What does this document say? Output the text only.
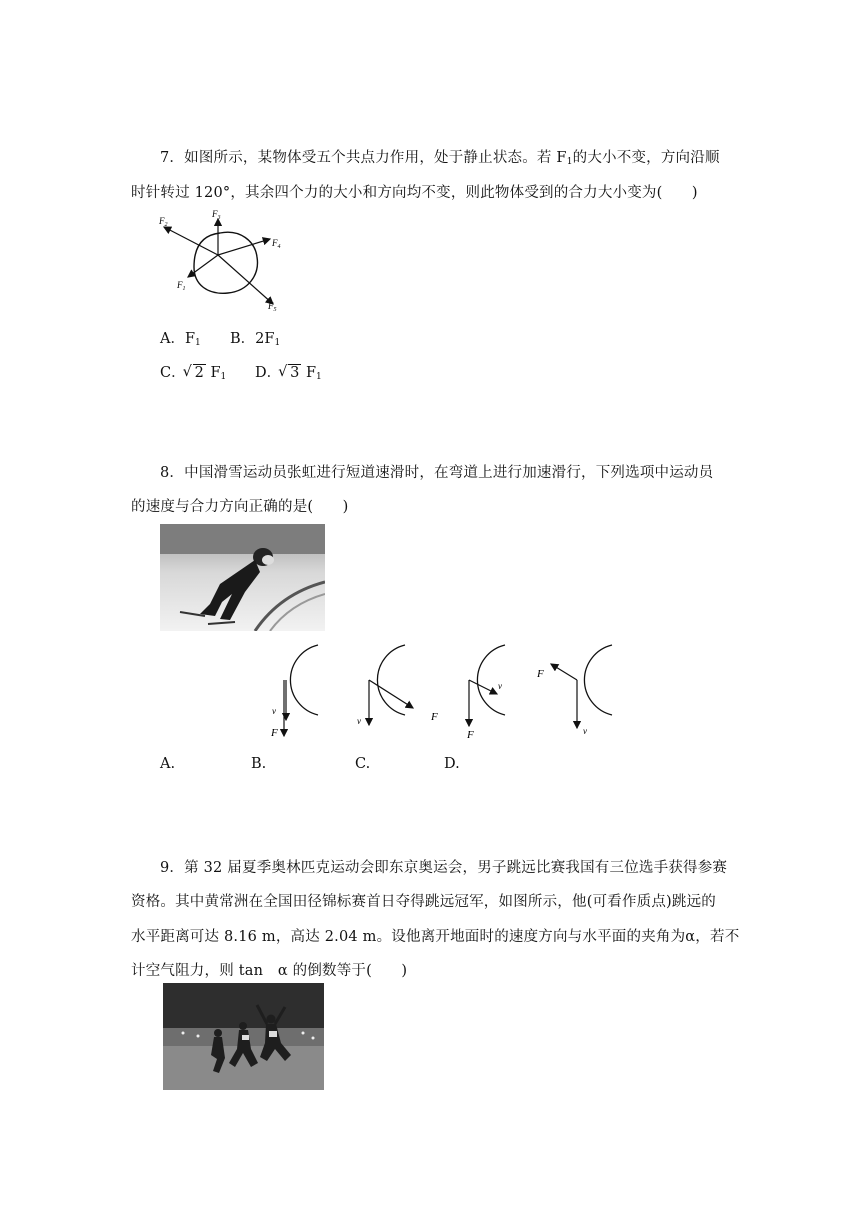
7．如图所示，某物体受五个共点力作用，处于静止状态。若 $F_1$的大小不变，方向沿顺
时针转过 120°，其余四个力的大小和方向均不变，则此物体受到的合力大小变为(　　)
$F_2$
$F_3$
$F_4$
$F_1$
$F_5$
A．$F_1$ B．$2F_1$
C． √ 2 $F_1$ D． √ 3 $F_1$
8．中国滑雪运动员张虹进行短道速滑时，在弯道上进行加速滑行，下列选项中运动员
的速度与合力方向正确的是(　　)
v
F
v	F
v
F
F
v
A.	B.	C.	D.
9．第 32 届夏季奥林匹克运动会即东京奥运会，男子跳远比赛我国有三位选手获得参赛
资格。其中黄常洲在全国田径锦标赛首日夺得跳远冠军，如图所示，他(可看作质点)跳远的
水平距离可达 8.16 m，高达 2.04 m。设他离开地面时的速度方向与水平面的夹角为α，若不
计空气阻力，则 tan　α 的倒数等于(　　)
